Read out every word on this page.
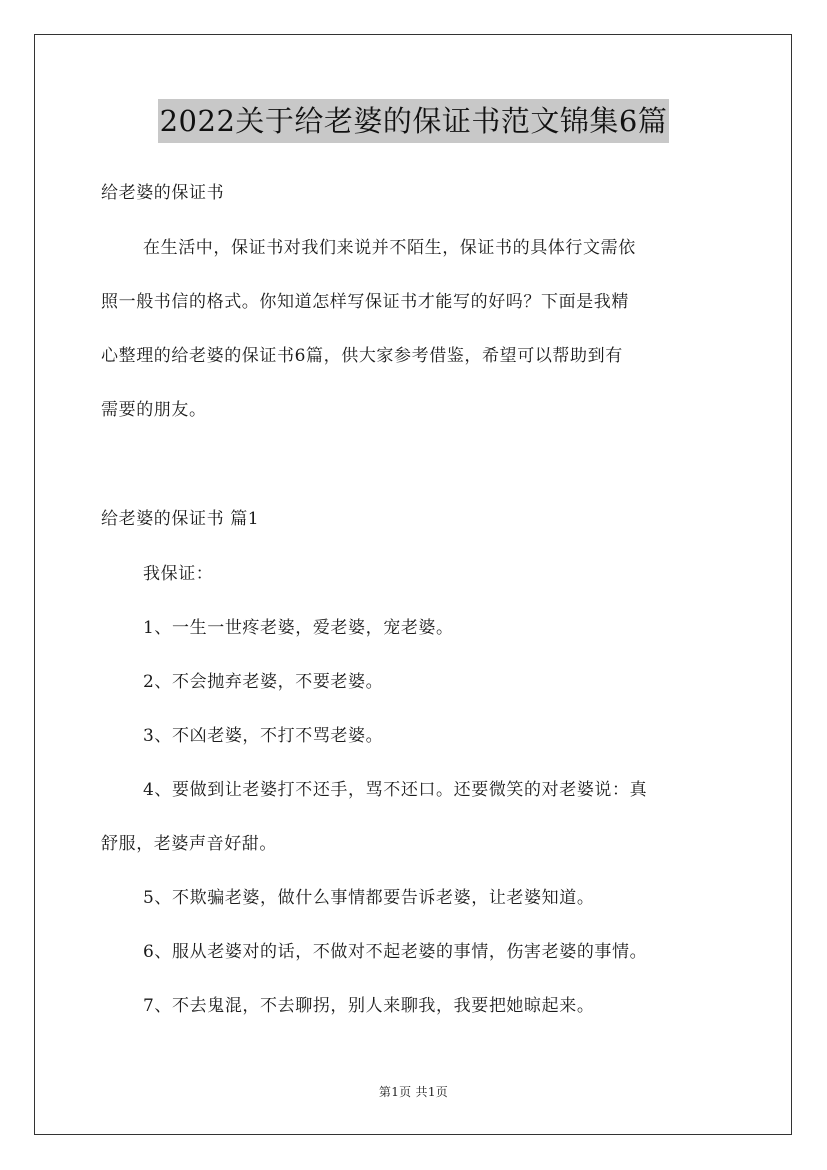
2022关于给老婆的保证书范文锦集6篇
给老婆的保证书
在生活中，保证书对我们来说并不陌生，保证书的具体行文需依
照一般书信的格式。你知道怎样写保证书才能写的好吗？下面是我精
心整理的给老婆的保证书6篇，供大家参考借鉴，希望可以帮助到有
需要的朋友。
给老婆的保证书 篇1
我保证：
1、一生一世疼老婆，爱老婆，宠老婆。
2、不会抛弃老婆，不要老婆。
3、不凶老婆，不打不骂老婆。
4、要做到让老婆打不还手，骂不还口。还要微笑的对老婆说：真
舒服，老婆声音好甜。
5、不欺骗老婆，做什么事情都要告诉老婆，让老婆知道。
6、服从老婆对的话，不做对不起老婆的事情，伤害老婆的事情。
7、不去鬼混，不去聊拐，别人来聊我，我要把她晾起来。
第1页 共1页
